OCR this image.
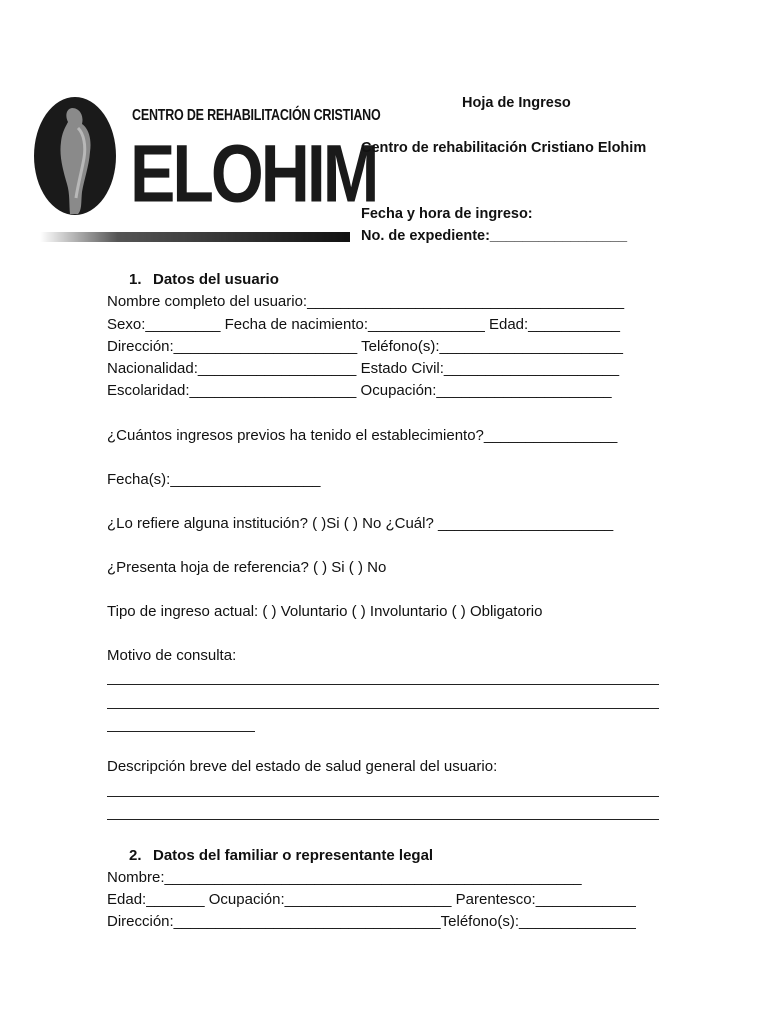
CENTRO DE REHABILITACIÓN CRISTIANO
ELOHIM
Hoja de Ingreso
Centro de rehabilitación Cristiano Elohim
Fecha y hora de ingreso:
No. de expediente:_________________
1. Datos del usuario
Nombre completo del usuario:______________________________________
Sexo:_________ Fecha de nacimiento:______________ Edad:___________
Dirección:______________________ Teléfono(s):______________________
Nacionalidad:___________________ Estado Civil:_____________________
Escolaridad:____________________ Ocupación:_____________________
¿Cuántos ingresos previos ha tenido el establecimiento?________________
Fecha(s):__________________
¿Lo refiere alguna institución? ( )Si ( ) No ¿Cuál? _____________________
¿Presenta hoja de referencia? ( ) Si ( ) No
Tipo de ingreso actual: ( ) Voluntario ( ) Involuntario ( ) Obligatorio
Motivo de consulta:
Descripción breve del estado de salud general del usuario:
2. Datos del familiar o representante legal
Nombre:__________________________________________________
Edad:_______ Ocupación:____________________ Parentesco:____________
Dirección:________________________________Teléfono(s):______________
